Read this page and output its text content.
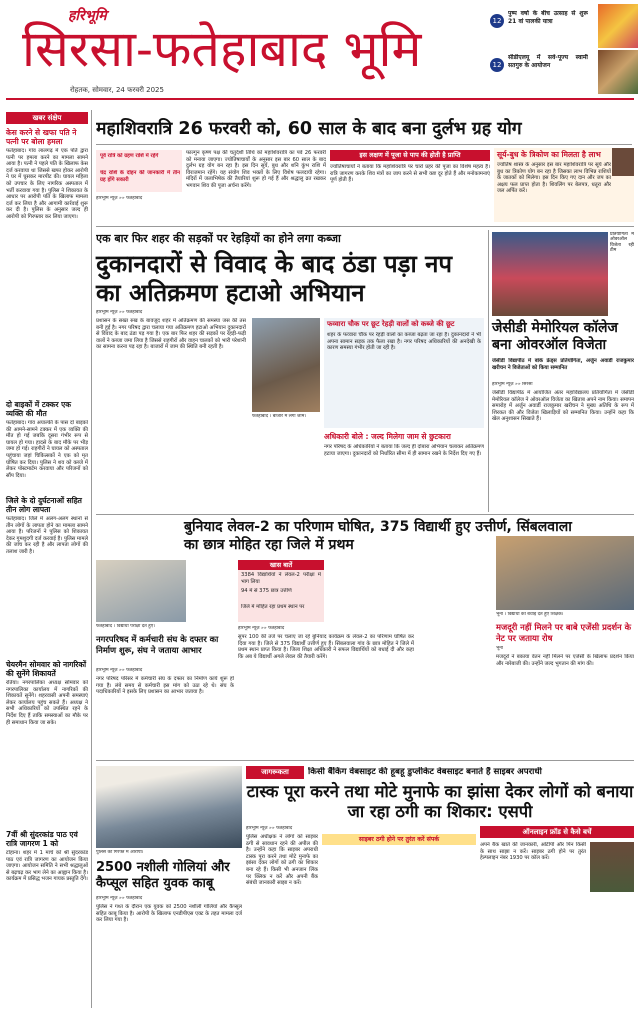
हरिभूमि
सिरसा-फतेहाबाद भूमि
रोहतक, सोमवार, 24 फरवरी 2025
12
पुष्प वर्षा के बीच उत्साह से शुरू 21 वां पालकी यात्रा
12
सीडीएलयू में सर्व-पूज्य स्वामी सतगुरु के आयोजन
खबर संक्षेप
केस करने से खफा पति ने पत्नी पर बोला हमला
फतेहाबाद। गांव लालगढ़ में एक पति द्वारा पत्नी पर हमला करने का मामला सामने आया है। पत्नी ने पहले पति के खिलाफ केस दर्ज करवाया था जिससे खफा होकर आरोपी ने घर में घुसकर मारपीट की। घायल महिला को उपचार के लिए नागरिक अस्पताल में भर्ती करवाया गया है। पुलिस ने शिकायत के आधार पर आरोपी पति के खिलाफ मामला दर्ज कर लिया है और आगामी कार्रवाई शुरू कर दी है। पुलिस के अनुसार जल्द ही आरोपी को गिरफ्तार कर लिया जाएगा।
दो बाइकों में टक्कर एक व्यक्ति की मौत
फतेहाबाद। गांव अयाल्की के पास दो बाइकों की आमने-सामने टक्कर में एक व्यक्ति की मौत हो गई जबकि दूसरा गंभीर रूप से घायल हो गया। हादसे के बाद मौके पर भीड़ जमा हो गई। राहगीरों ने घायल को अस्पताल पहुंचाया जहां चिकित्सकों ने एक को मृत घोषित कर दिया। पुलिस ने शव को कब्जे में लेकर पोस्टमार्टम करवाया और परिजनों को सौंप दिया।
जिले के दो दुर्घटनाओं सहित तीन लोग लापता
फतेहाबाद। जिले में अलग-अलग स्थानों से तीन लोगों के लापता होने का मामला सामने आया है। परिजनों ने पुलिस को शिकायत देकर गुमशुदगी दर्ज करवाई है। पुलिस मामले की जांच कर रही है और लापता लोगों की तलाश जारी है।
चेयरमैन सोमवार को नागरिकों की सुनेंगे शिकायतें
रतिया। नगरपालिका अध्यक्ष सोमवार को नगरपालिका कार्यालय में नागरिकों की शिकायतें सुनेंगे। शहरवासी अपनी समस्याएं लेकर कार्यालय पहुंच सकते हैं। अध्यक्ष ने सभी अधिकारियों को उपस्थित रहने के निर्देश दिए हैं ताकि समस्याओं का मौके पर ही समाधान किया जा सके।
7वीं श्री सुंदरकांड पाठ एवं रात्रि जागरण 1 को
टोहाना। शहर में 1 मार्च को श्री सुंदरकांड पाठ एवं रात्रि जागरण का आयोजन किया जाएगा। आयोजन समिति ने सभी श्रद्धालुओं से बढ़चढ़ कर भाग लेने का आह्वान किया है। कार्यक्रम में प्रसिद्ध भजन गायक प्रस्तुति देंगे।
महाशिवरात्रि 26 फरवरी को, 60 साल के बाद बना दुर्लभ ग्रह योग
पूर्व रात्रि को ग्रहण राशि में रहेंगे
चंद्र राशि के दोहन की जानकारी में तीन ग्रह होंगे सकारी
हरिभूमि न्यूज़ »» फतेहाबाद
फाल्गुन कृष्ण पक्ष की चतुर्दशी तिथि को महाशिवरात्रि का पर्व 26 फरवरी को मनाया जाएगा। ज्योतिषाचार्यों के अनुसार इस बार 60 साल के बाद दुर्लभ ग्रह योग बन रहा है। इस दिन सूर्य, बुध और शनि कुंभ राशि में विराजमान रहेंगे। यह संयोग शिव भक्तों के लिए विशेष फलदायी रहेगा। मंदिरों में जलाभिषेक की तैयारियां शुरू हो गई हैं और श्रद्धालु व्रत रखकर भगवान शिव की पूजा अर्चना करेंगे।
इस लक्षण में पूजा से पाप की होती है प्राप्ति
ज्योतिषाचार्यों ने बताया कि महाशिवरात्रि पर चारों प्रहर की पूजा का विशेष महत्व है। रात्रि जागरण करके शिव मंत्रों का जाप करने से सभी कष्ट दूर होते हैं और मनोकामनाएं पूर्ण होती हैं।
सूर्य-बुध के त्रिकोण का मिलता है लाभ
ज्योतिष शास्त्र के अनुसार इस बार महाशिवरात्रि पर सूर्य और बुध का त्रिकोण योग बन रहा है जिसका लाभ विभिन्न राशियों के जातकों को मिलेगा। इस दिन किए गए दान और जप का अक्षय फल प्राप्त होता है। शिवलिंग पर बेलपत्र, धतूरा और जल अर्पित करें।
एक बार फिर शहर की सड़कों पर रेहड़ियों का होने लगा कब्जा
दुकानदारों से विवाद के बाद ठंडा पड़ा नप का अतिक्रमण हटाओ अभियान
हरिभूमि न्यूज़ »» फतेहाबाद
प्रशासन के सख्त रुख के बावजूद शहर में अतिक्रमण की समस्या जस की तस बनी हुई है। नगर परिषद द्वारा चलाया गया अतिक्रमण हटाओ अभियान दुकानदारों से विवाद के बाद ठंडा पड़ गया है। एक बार फिर शहर की सड़कों पर रेहड़ी-फड़ी वालों ने कब्जा जमा लिया है जिससे राहगीरों और वाहन चालकों को भारी परेशानी का सामना करना पड़ रहा है। बाजारों में जाम की स्थिति बनी रहती है।
फतेहाबाद । बाजार में लगा जाम।
फव्वारा चौक पर छूट रेहड़ी वालों को कब्जे की छूट
शहर के फव्वारा चौक पर रेहड़ी वालों का कब्जा बढ़ता जा रहा है। दुकानदारों ने भी अपना सामान सड़क तक फैला रखा है। नगर परिषद अधिकारियों की अनदेखी के कारण समस्या गंभीर होती जा रही है।
अधिकारी बोले : जल्द मिलेगा जाम से छुटकारा
नगर परिषद के अधिकारियों ने बताया कि जल्द ही दोबारा अभियान चलाकर अतिक्रमण हटाया जाएगा। दुकानदारों को निर्धारित सीमा में ही सामान रखने के निर्देश दिए गए हैं।
प्रतियोगिता में ओवरऑल विजेता रही टीम
जेसीडी मेमोरियल कॉलेज बना ओवरऑल विजेता
जेसीडी विद्यापीठ में बांके फ्रेंड्स प्रतियोगिता, अर्जुन अवार्डी राजकुमार खरीचन ने विजेताओं को किया सम्मानित
हरिभूमि न्यूज़ »» सिरसा
जेसीडी विद्यापीठ में आयोजित अंतर महाविद्यालय प्रतियोगिता में जेसीडी मेमोरियल कॉलेज ने ओवरऑल विजेता का खिताब अपने नाम किया। समापन समारोह में अर्जुन अवार्डी राजकुमार खरीचन ने मुख्य अतिथि के रूप में शिरकत की और विजेता खिलाड़ियों को सम्मानित किया। उन्होंने कहा कि खेल अनुशासन सिखाते हैं।
बुनियाद लेवल-2 का परिणाम घोषित, 375 विद्यार्थी हुए उत्तीर्ण, सिंबलवाला का छात्र मोहित रहा जिले में प्रथम
फतेहाबाद । विद्यार्थी परीक्षा देते हुए।
खास बातें
3384 विद्यार्थियों ने लेवल-2 परीक्षा में भाग लिया
94 में से 375 छात्र उत्तीर्ण
जिले में मोहित रहा प्रथम स्थान पर
हरिभूमि न्यूज़ »» फतेहाबाद
सुपर 100 की तर्ज पर चलाए जा रहे बुनियाद कार्यक्रम के लेवल-2 का परिणाम घोषित कर दिया गया है। जिले से 375 विद्यार्थी उत्तीर्ण हुए हैं। सिंबलवाला गांव के छात्र मोहित ने जिले में प्रथम स्थान प्राप्त किया है। जिला शिक्षा अधिकारी ने सफल विद्यार्थियों को बधाई दी और कहा कि अब ये विद्यार्थी अगले लेवल की तैयारी करेंगे।
भूना । विद्यार्थी को बधाई देते हुए शिक्षक।
नगरपरिषद में कर्मचारी संघ के दफ्तर का निर्माण शुरू, संघ ने जताया आभार
हरिभूमि न्यूज़ »» फतेहाबाद
नगर परिषद परिसर में कर्मचारी संघ के दफ्तर का निर्माण कार्य शुरू हो गया है। लंबे समय से कर्मचारी इस मांग को उठा रहे थे। संघ के पदाधिकारियों ने इसके लिए प्रशासन का आभार जताया है।
मजदूरी नहीं मिलने पर बाबे एजेंसी प्रदर्शन के नेट पर जताया रोष
भूना
मजदूरों ने बकाया वेतन नहीं मिलने पर एजेंसी के खिलाफ प्रदर्शन किया और नारेबाजी की। उन्होंने जल्द भुगतान की मांग की।
जागरूकता	किसी बैंकिंग वेबसाइट की हूबहू डुप्लीकेट वेबसाइट बनाते हैं साइबर अपराधी
टास्क पूरा करने तथा मोटे मुनाफे का झांसा देकर लोगों को बनाया जा रहा ठगी का शिकार: एसपी
हरिभूमि न्यूज़ »» फतेहाबाद
पुलिस अधीक्षक ने लोगों को साइबर ठगी से सावधान रहने की अपील की है। उन्होंने कहा कि साइबर अपराधी टास्क पूरा करने तथा मोटे मुनाफे का झांसा देकर लोगों को ठगी का शिकार बना रहे हैं। किसी भी अनजान लिंक पर क्लिक न करें और अपनी बैंक संबंधी जानकारी साझा न करें।
साइबर ठगी होने पर तुरंत करें संपर्क
ऑनलाइन फ्रॉड से कैसे बचें
अपने बैंक खाते की जानकारी, ओटीपी और पिन किसी के साथ साझा न करें। साइबर ठगी होने पर तुरंत हेल्पलाइन नंबर 1930 पर कॉल करें।
पुलिस की गिरफ्त में आरोपी।
2500 नशीली गोलियां और कैप्सूल सहित युवक काबू
हरिभूमि न्यूज़ »» फतेहाबाद
पुलिस ने गश्त के दौरान एक युवक को 2500 नशीली गोलियों और कैप्सूल सहित काबू किया है। आरोपी के खिलाफ एनडीपीएस एक्ट के तहत मामला दर्ज कर लिया गया है।
